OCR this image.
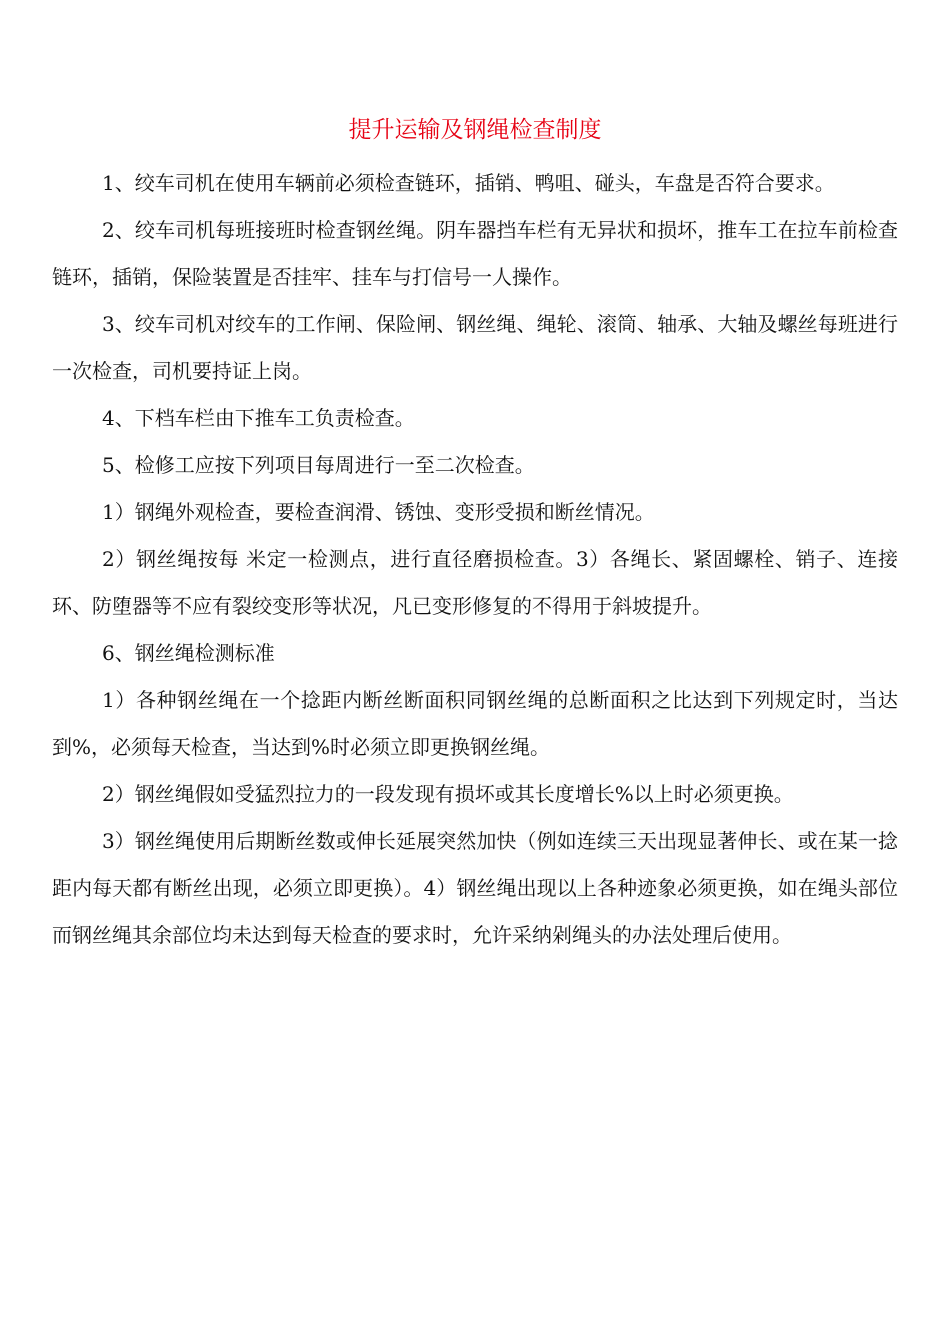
提升运输及钢绳检查制度

1、绞车司机在使用车辆前必须检查链环，插销、鸭咀、碰头，车盘是否符合要求。

2、绞车司机每班接班时检查钢丝绳。阴车器挡车栏有无异状和损坏，推车工在拉车前检查链环，插销，保险装置是否挂牢、挂车与打信号一人操作。

3、绞车司机对绞车的工作闸、保险闸、钢丝绳、绳轮、滚筒、轴承、大轴及螺丝每班进行一次检查，司机要持证上岗。

4、下档车栏由下推车工负责检查。

5、检修工应按下列项目每周进行一至二次检查。

1）钢绳外观检查，要检查润滑、锈蚀、变形受损和断丝情况。

2）钢丝绳按每 米定一检测点，进行直径磨损检查。3）各绳长、紧固螺栓、销子、连接环、防堕器等不应有裂绞变形等状况，凡已变形修复的不得用于斜坡提升。

6、钢丝绳检测标准

1）各种钢丝绳在一个捻距内断丝断面积同钢丝绳的总断面积之比达到下列规定时，当达到%，必须每天检查，当达到%时必须立即更换钢丝绳。

2）钢丝绳假如受猛烈拉力的一段发现有损坏或其长度增长%以上时必须更换。

3）钢丝绳使用后期断丝数或伸长延展突然加快（例如连续三天出现显著伸长、或在某一捻距内每天都有断丝出现，必须立即更换）。4）钢丝绳出现以上各种迹象必须更换，如在绳头部位而钢丝绳其余部位均未达到每天检查的要求时，允许采纳剁绳头的办法处理后使用。
